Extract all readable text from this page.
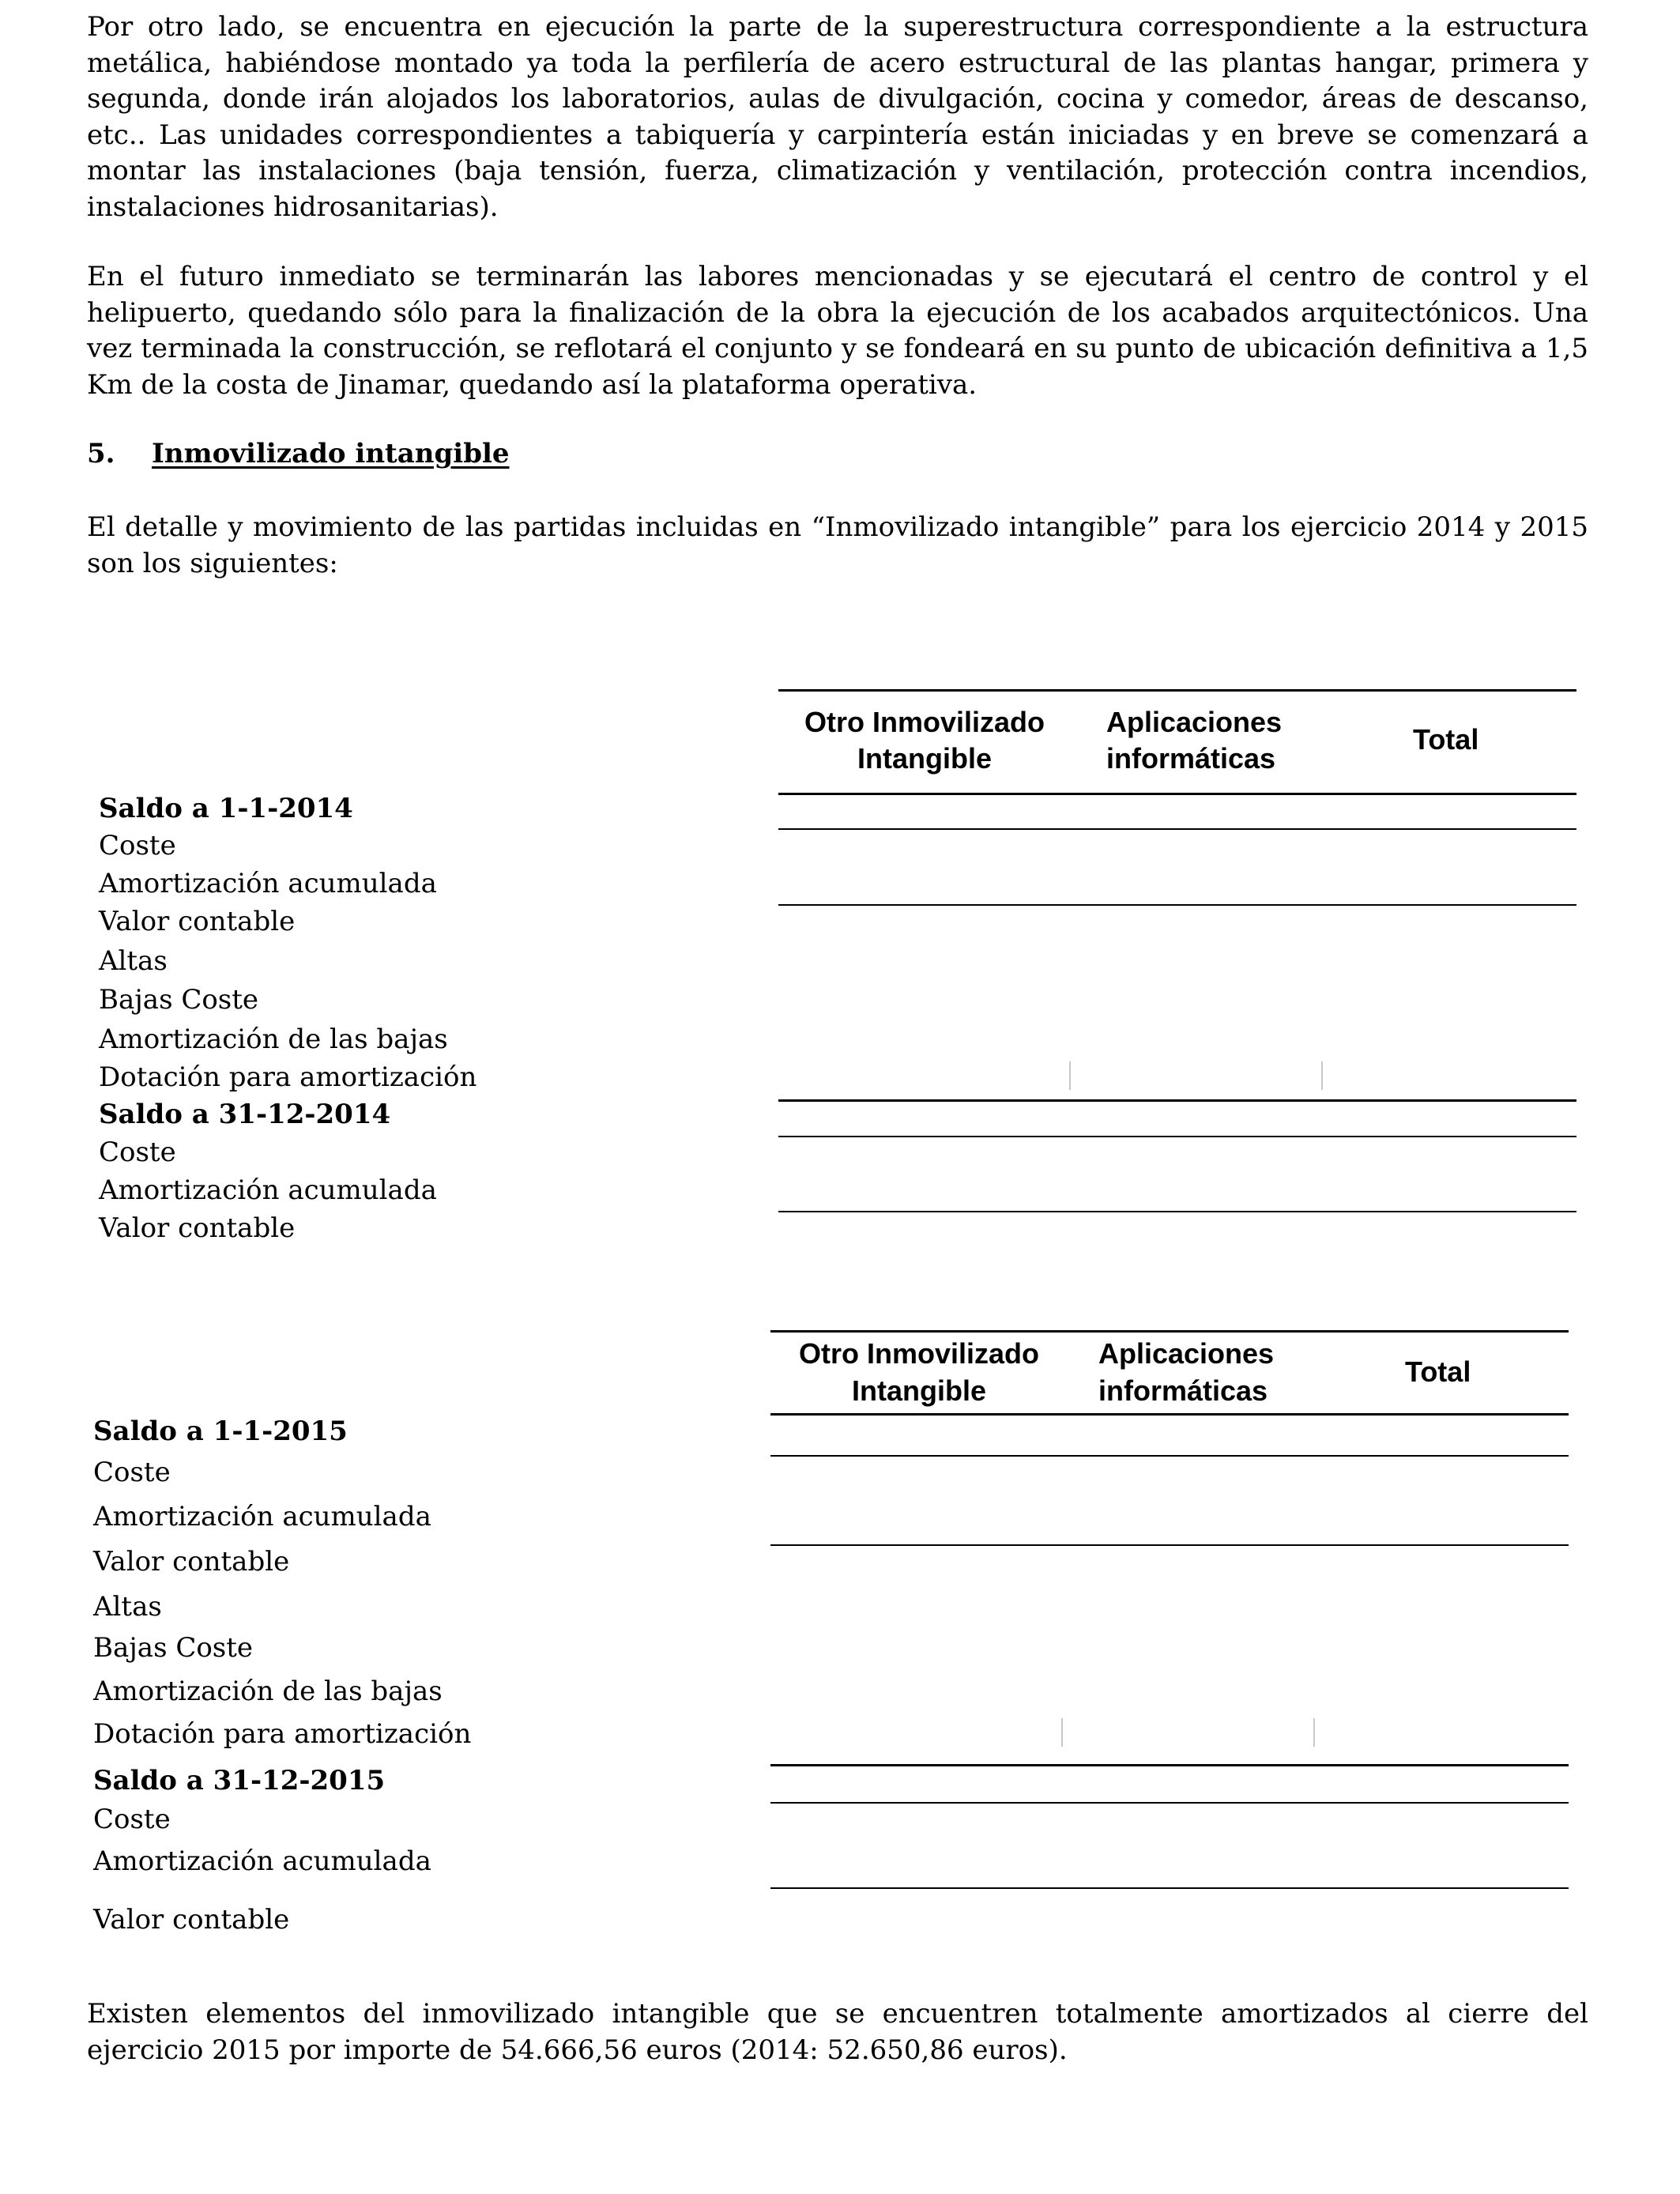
Por otro lado, se encuentra en ejecución la parte de la superestructura correspondiente a la estructura metálica, habiéndose montado ya toda la perfilería de acero estructural de las plantas hangar, primera y segunda, donde irán alojados los laboratorios, aulas de divulgación, cocina y comedor, áreas de descanso, etc.. Las unidades correspondientes a tabiquería y carpintería están iniciadas y en breve se comenzará a montar las instalaciones (baja tensión, fuerza, climatización y ventilación, protección contra incendios, instalaciones hidrosanitarias).

En el futuro inmediato se terminarán las labores mencionadas y se ejecutará el centro de control y el helipuerto, quedando sólo para la finalización de la obra la ejecución de los acabados arquitectónicos. Una vez terminada la construcción, se reflotará el conjunto y se fondeará en su punto de ubicación definitiva a 1,5 Km de la costa de Jinamar, quedando así la plataforma operativa.

5. Inmovilizado intangible

El detalle y movimiento de las partidas incluidas en “Inmovilizado intangible” para los ejercicio 2014 y 2015 son los siguientes:

Otro Inmovilizado
Intangible
Aplicaciones
informáticas
Total
Saldo a 1-1-2014
Coste
Amortización acumulada
Valor contable
Altas
Bajas Coste
Amortización de las bajas
Dotación para amortización
Saldo a 31-12-2014
Coste
Amortización acumulada
Valor contable
Otro Inmovilizado
Intangible
Aplicaciones
informáticas
Total
Saldo a 1-1-2015
Coste
Amortización acumulada
Valor contable
Altas
Bajas Coste
Amortización de las bajas
Dotación para amortización
Saldo a 31-12-2015
Coste
Amortización acumulada
Valor contable

Existen elementos del inmovilizado intangible que se encuentren totalmente amortizados al cierre del ejercicio 2015 por importe de 54.666,56 euros (2014: 52.650,86 euros).
